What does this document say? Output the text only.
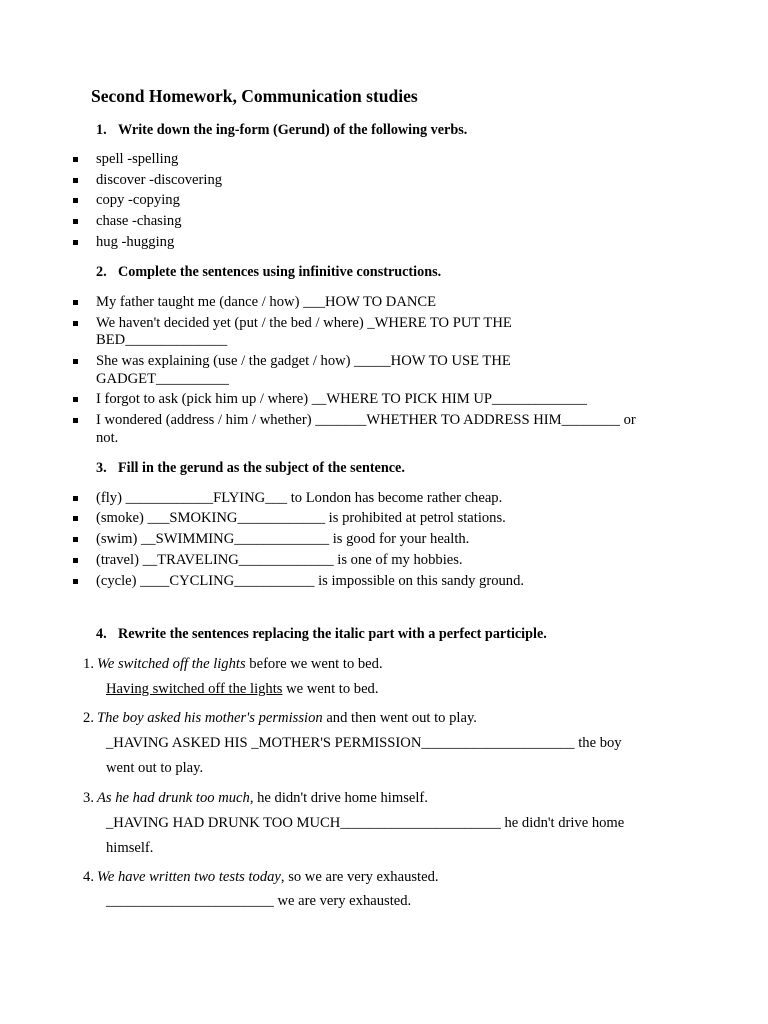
Second Homework, Communication studies
1. Write down the ing-form (Gerund) of the following verbs.
spell -spelling
discover -discovering
copy -copying
chase -chasing
hug -hugging
2. Complete the sentences using infinitive constructions.
My father taught me (dance / how) ___HOW TO DANCE
We haven't decided yet (put / the bed / where) _WHERE TO PUT THE
BED______________
She was explaining (use / the gadget / how) _____HOW TO USE THE
GADGET__________
I forgot to ask (pick him up / where) __WHERE TO PICK HIM UP_____________
I wondered (address / him / whether) _______WHETHER TO ADDRESS HIM________ or
not.
3. Fill in the gerund as the subject of the sentence.
(fly) ____________FLYING___ to London has become rather cheap.
(smoke) ___SMOKING____________ is prohibited at petrol stations.
(swim) __SWIMMING_____________ is good for your health.
(travel) __TRAVELING_____________ is one of my hobbies.
(cycle) ____CYCLING___________ is impossible on this sandy ground.
4. Rewrite the sentences replacing the italic part with a perfect participle.
1. We switched off the lights before we went to bed.
Having switched off the lights we went to bed.
2. The boy asked his mother's permission and then went out to play.
_HAVING ASKED HIS _MOTHER'S PERMISSION_____________________ the boy
went out to play.
3. As he had drunk too much, he didn't drive home himself.
_HAVING HAD DRUNK TOO MUCH______________________ he didn't drive home
himself.
4. We have written two tests today, so we are very exhausted.
_______________________ we are very exhausted.
